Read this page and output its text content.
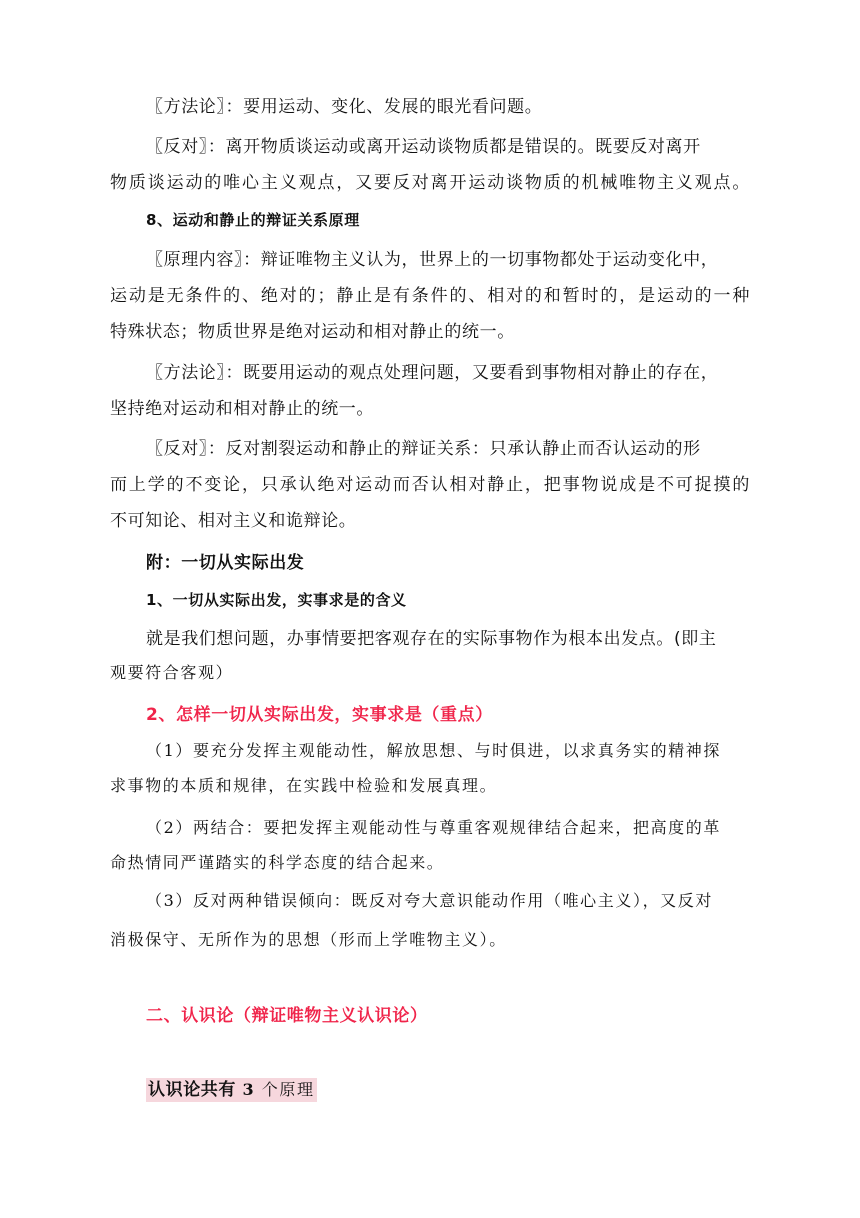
〖方法论〗：要用运动、变化、发展的眼光看问题。
〖反对〗：离开物质谈运动或离开运动谈物质都是错误的。既要反对离开
物质谈运动的唯心主义观点，又要反对离开运动谈物质的机械唯物主义观点。
8、运动和静止的辩证关系原理
〖原理内容〗：辩证唯物主义认为，世界上的一切事物都处于运动变化中，
运动是无条件的、绝对的；静止是有条件的、相对的和暂时的，是运动的一种
特殊状态；物质世界是绝对运动和相对静止的统一。
〖方法论〗：既要用运动的观点处理问题，又要看到事物相对静止的存在，
坚持绝对运动和相对静止的统一。
〖反对〗：反对割裂运动和静止的辩证关系：只承认静止而否认运动的形
而上学的不变论，只承认绝对运动而否认相对静止，把事物说成是不可捉摸的
不可知论、相对主义和诡辩论。
附：一切从实际出发
1、一切从实际出发，实事求是的含义
就是我们想问题，办事情要把客观存在的实际事物作为根本出发点。(即主
观要符合客观）
2、怎样一切从实际出发，实事求是（重点）
（1）要充分发挥主观能动性，解放思想、与时俱进，以求真务实的精神探
求事物的本质和规律，在实践中检验和发展真理。
（2）两结合：要把发挥主观能动性与尊重客观规律结合起来，把高度的革
命热情同严谨踏实的科学态度的结合起来。
（3）反对两种错误倾向：既反对夸大意识能动作用（唯心主义），又反对
消极保守、无所作为的思想（形而上学唯物主义）。
二、认识论（辩证唯物主义认识论）
认识论共有 3 个原理
